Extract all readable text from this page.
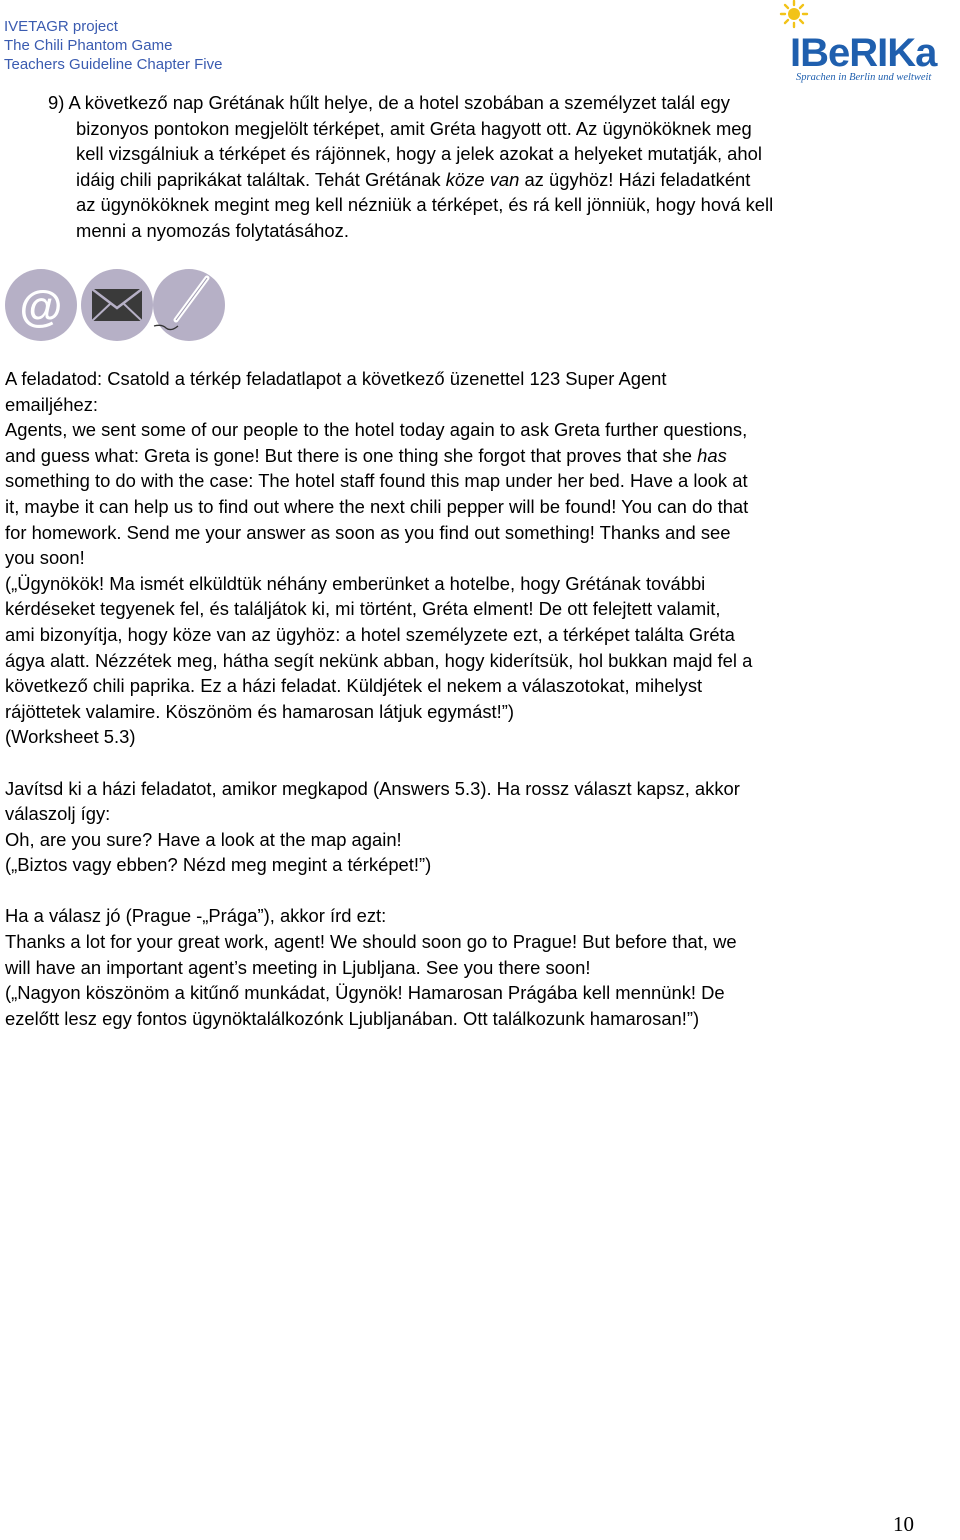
IVETAGR project
The Chili Phantom Game
Teachers Guideline Chapter Five	IBeRIKa
Sprachen in Berlin und weltweit
9) A következő nap Grétának hűlt helye, de a hotel szobában a személyzet talál egy
bizonyos pontokon megjelölt térképet, amit Gréta hagyott ott. Az ügynököknek meg
kell vizsgálniuk a térképet és rájönnek, hogy a jelek azokat a helyeket mutatják, ahol
idáig chili paprikákat találtak. Tehát Grétának köze van az ügyhöz! Házi feladatként
az ügynököknek megint meg kell nézniük a térképet, és rá kell jönniük, hogy hová kell
menni a nyomozás folytatásához.
@

A feladatod: Csatold a térkép feladatlapot a következő üzenettel 123 Super Agent

emailjéhez:

Agents, we sent some of our people to the hotel today again to ask Greta further questions,

and guess what: Greta is gone! But there is one thing she forgot that proves that she has

something to do with the case: The hotel staff found this map under her bed. Have a look at

it, maybe it can help us to find out where the next chili pepper will be found! You can do that

for homework. Send me your answer as soon as you find out something! Thanks and see

you soon!

(„Ügynökök! Ma ismét elküldtük néhány emberünket a hotelbe, hogy Grétának további

kérdéseket tegyenek fel, és találjátok ki, mi történt, Gréta elment! De ott felejtett valamit,

ami bizonyítja, hogy köze van az ügyhöz: a hotel személyzete ezt, a térképet találta Gréta

ágya alatt. Nézzétek meg, hátha segít nekünk abban, hogy kiderítsük, hol bukkan majd fel a

következő chili paprika. Ez a házi feladat. Küldjétek el nekem a válaszotokat, mihelyst

rájöttetek valamire. Köszönöm és hamarosan látjuk egymást!”)

(Worksheet 5.3)

Javítsd ki a házi feladatot, amikor megkapod (Answers 5.3). Ha rossz választ kapsz, akkor

válaszolj így:

Oh, are you sure? Have a look at the map again!

(„Biztos vagy ebben? Nézd meg megint a térképet!”)

Ha a válasz jó (Prague -„Prága”), akkor írd ezt:

Thanks a lot for your great work, agent! We should soon go to Prague! But before that, we

will have an important agent’s meeting in Ljubljana. See you there soon!

(„Nagyon köszönöm a kitűnő munkádat, Ügynök! Hamarosan Prágába kell mennünk! De

ezelőtt lesz egy fontos ügynöktalálkozónk Ljubljanában. Ott találkozunk hamarosan!”)

10
